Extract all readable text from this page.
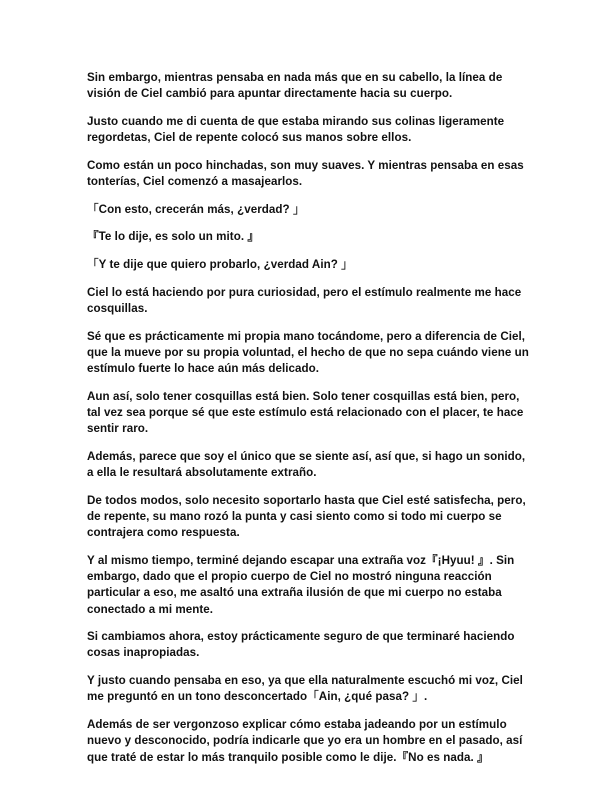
Sin embargo, mientras pensaba en nada más que en su cabello, la línea de visión de Ciel cambió para apuntar directamente hacia su cuerpo.

Justo cuando me di cuenta de que estaba mirando sus colinas ligeramente regordetas, Ciel de repente colocó sus manos sobre ellos.

Como están un poco hinchadas, son muy suaves. Y mientras pensaba en esas tonterías, Ciel comenzó a masajearlos.

「Con esto, crecerán más, ¿verdad? 」

『Te lo dije, es solo un mito. 』

「Y te dije que quiero probarlo, ¿verdad Ain? 」

Ciel lo está haciendo por pura curiosidad, pero el estímulo realmente me hace cosquillas.

Sé que es prácticamente mi propia mano tocándome, pero a diferencia de Ciel, que la mueve por su propia voluntad, el hecho de que no sepa cuándo viene un estímulo fuerte lo hace aún más delicado.

Aun así, solo tener cosquillas está bien. Solo tener cosquillas está bien, pero, tal vez sea porque sé que este estímulo está relacionado con el placer, te hace sentir raro.

Además, parece que soy el único que se siente así, así que, si hago un sonido, a ella le resultará absolutamente extraño.

De todos modos, solo necesito soportarlo hasta que Ciel esté satisfecha, pero, de repente, su mano rozó la punta y casi siento como si todo mi cuerpo se contrajera como respuesta.

Y al mismo tiempo, terminé dejando escapar una extraña voz『¡Hyuu! 』. Sin embargo, dado que el propio cuerpo de Ciel no mostró ninguna reacción particular a eso, me asaltó una extraña ilusión de que mi cuerpo no estaba conectado a mi mente.

Si cambiamos ahora, estoy prácticamente seguro de que terminaré haciendo cosas inapropiadas.

Y justo cuando pensaba en eso, ya que ella naturalmente escuchó mi voz, Ciel me preguntó en un tono desconcertado「Ain, ¿qué pasa? 」.

Además de ser vergonzoso explicar cómo estaba jadeando por un estímulo nuevo y desconocido, podría indicarle que yo era un hombre en el pasado, así que traté de estar lo más tranquilo posible como le dije.『No es nada. 』
